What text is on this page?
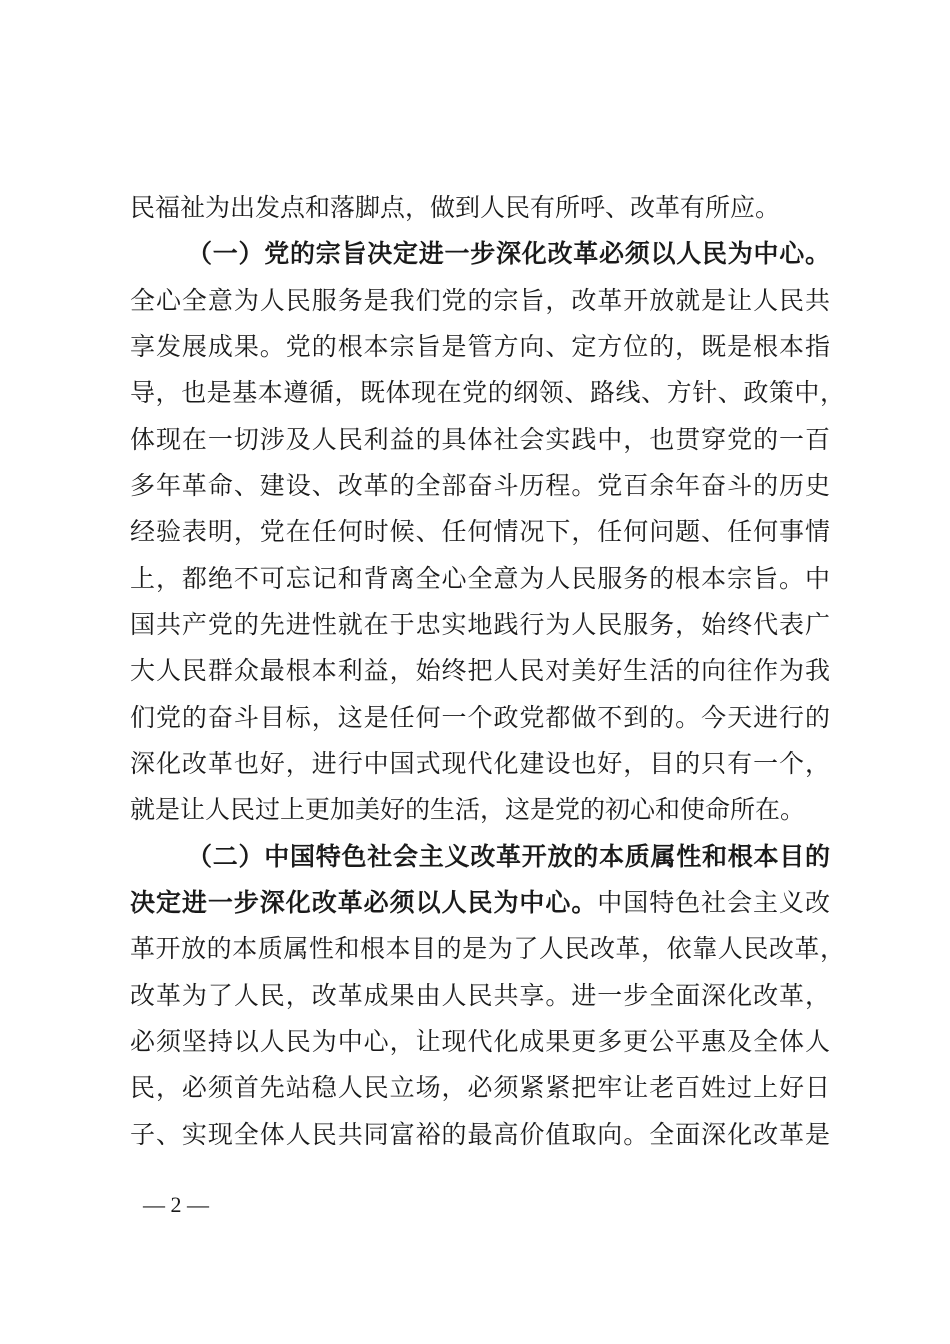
民福祉为出发点和落脚点，做到人民有所呼、改革有所应。

（一）党的宗旨决定进一步深化改革必须以人民为中心。

全心全意为人民服务是我们党的宗旨，改革开放就是让人民共

享发展成果。党的根本宗旨是管方向、定方位的，既是根本指

导，也是基本遵循，既体现在党的纲领、路线、方针、政策中，

体现在一切涉及人民利益的具体社会实践中，也贯穿党的一百

多年革命、建设、改革的全部奋斗历程。党百余年奋斗的历史

经验表明，党在任何时候、任何情况下，任何问题、任何事情

上，都绝不可忘记和背离全心全意为人民服务的根本宗旨。中

国共产党的先进性就在于忠实地践行为人民服务，始终代表广

大人民群众最根本利益，始终把人民对美好生活的向往作为我

们党的奋斗目标，这是任何一个政党都做不到的。今天进行的

深化改革也好，进行中国式现代化建设也好，目的只有一个，

就是让人民过上更加美好的生活，这是党的初心和使命所在。

（二）中国特色社会主义改革开放的本质属性和根本目的

决定进一步深化改革必须以人民为中心。中国特色社会主义改

革开放的本质属性和根本目的是为了人民改革，依靠人民改革，

改革为了人民，改革成果由人民共享。进一步全面深化改革，

必须坚持以人民为中心，让现代化成果更多更公平惠及全体人

民，必须首先站稳人民立场，必须紧紧把牢让老百姓过上好日

子、实现全体人民共同富裕的最高价值取向。全面深化改革是

— 2 —
